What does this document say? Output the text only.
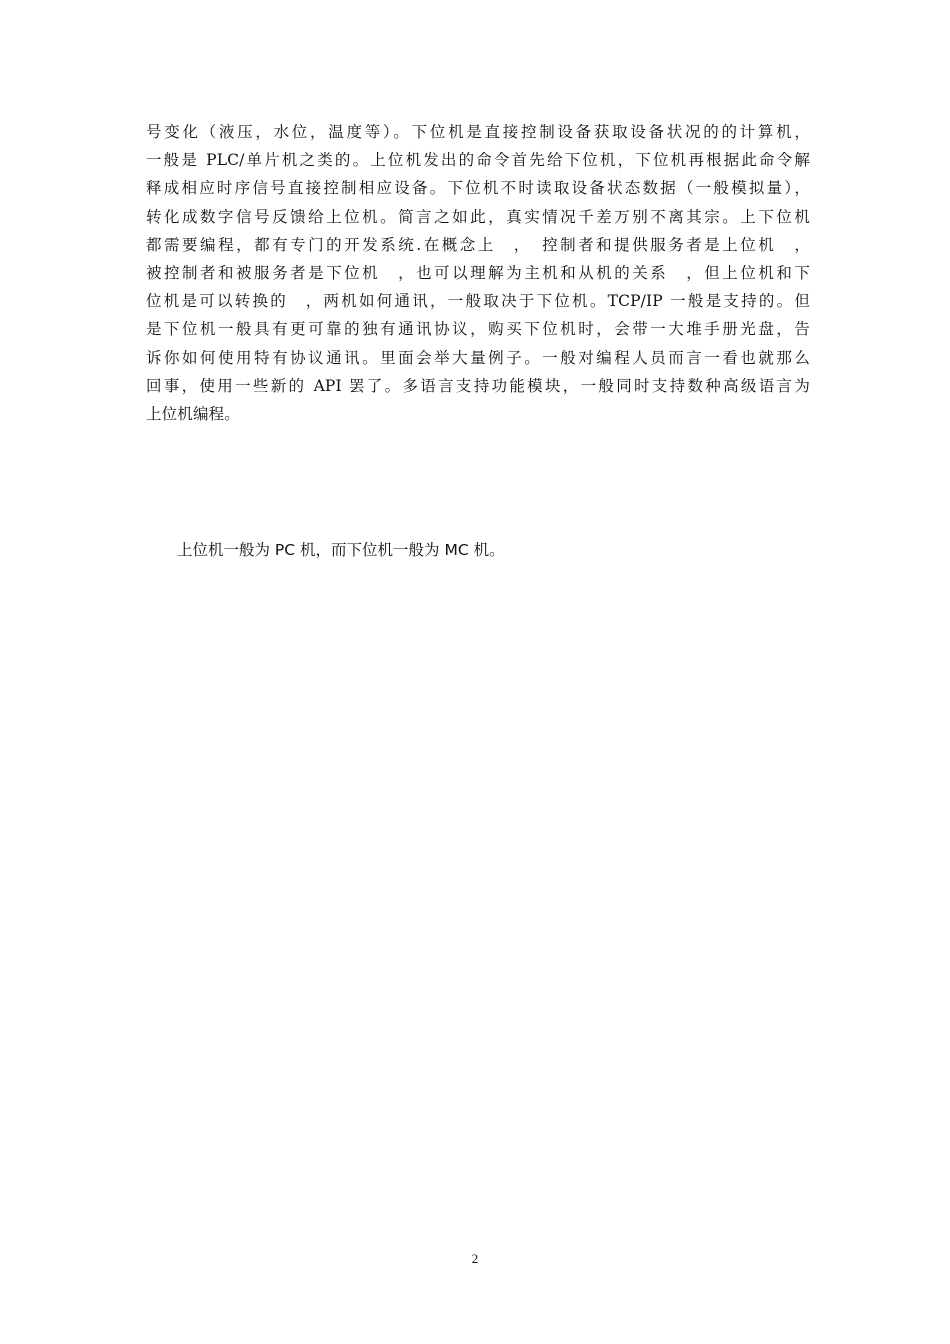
号变化（液压，水位，温度等）。下位机是直接控制设备获取设备状况的的计算机，
一般是 PLC/单片机之类的。上位机发出的命令首先给下位机，下位机再根据此命令解
释成相应时序信号直接控制相应设备。下位机不时读取设备状态数据（一般模拟量），
转化成数字信号反馈给上位机。简言之如此，真实情况千差万别不离其宗。上下位机
都需要编程，都有专门的开发系统.在概念上　，　控制者和提供服务者是上位机　，
被控制者和被服务者是下位机　，也可以理解为主机和从机的关系　，但上位机和下
位机是可以转换的　，两机如何通讯，一般取决于下位机。TCP/IP 一般是支持的。但
是下位机一般具有更可靠的独有通讯协议，购买下位机时，会带一大堆手册光盘，告
诉你如何使用特有协议通讯。里面会举大量例子。一般对编程人员而言一看也就那么
回事，使用一些新的 API 罢了。多语言支持功能模块，一般同时支持数种高级语言为
上位机编程。
上位机一般为 PC 机，而下位机一般为 MC 机。
2
